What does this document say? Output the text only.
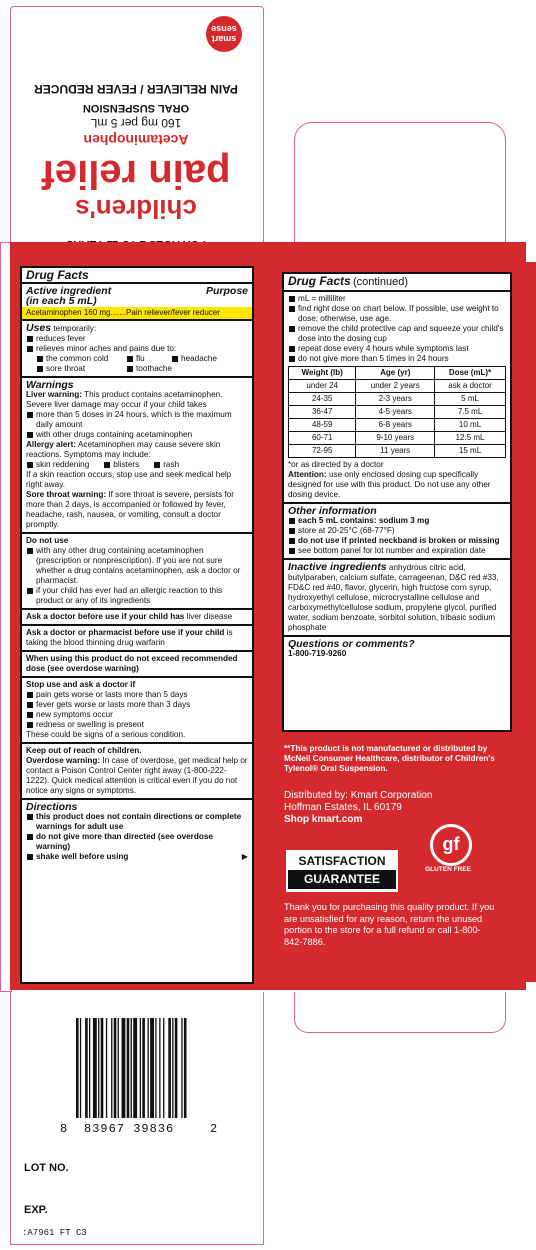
children's
pain relief
Acetaminophen
160 mg per 5 mL
ORAL SUSPENSION
PAIN RELIEVER / FEVER REDUCER
smart sense
Drug Facts
Active ingredient	Purpose
(in each 5 mL)
Acetaminophen 160 mg.......Pain reliever/fever reducer
Uses temporarily:
reduces fever
relieves minor aches and pains due to:
the common cold	flu	headache
sore throat	toothache
Warnings
Liver warning: This product contains acetaminophen. Severe liver damage may occur if your child takes
more than 5 doses in 24 hours, which is the maximum daily amount
with other drugs containing acetaminophen
Allergy alert: Acetaminophen may cause severe skin reactions. Symptoms may include:
skin reddening	blisters	rash
If a skin reaction occurs, stop use and seek medical help right away.
Sore throat warning: If sore throat is severe, persists for more than 2 days, is accompanied or followed by fever, headache, rash, nausea, or vomiting, consult a doctor promptly.
Do not use
with any other drug containing acetaminophen (prescription or nonprescription). If you are not sure whether a drug contains acetaminophen, ask a doctor or pharmacist.
if your child has ever had an allergic reaction to this product or any of its ingredients
Ask a doctor before use if your child has liver disease
Ask a doctor or pharmacist before use if your child is taking the blood thinning drug warfarin
When using this product do not exceed recommended dose (see overdose warning)
Stop use and ask a doctor if
pain gets worse or lasts more than 5 days
fever gets worse or lasts more than 3 days
new symptoms occur
redness or swelling is present
These could be signs of a serious condition.
Keep out of reach of children.
Overdose warning: In case of overdose, get medical help or contact a Poison Control Center right away (1-800-222-1222). Quick medical attention is critical even if you do not notice any signs or symptoms.
Directions
this product does not contain directions or complete warnings for adult use
do not give more than directed (see overdose warning)
shake well before using	▶
Drug Facts (continued)
mL = milliliter
find right dose on chart below. If possible, use weight to dose; otherwise, use age.
remove the child protective cap and squeeze your child's dose into the dosing cup
repeat dose every 4 hours while symptoms last
do not give more than 5 times in 24 hours
Weight (lb)	Age (yr)	Dose (mL)*
under 24	under 2 years	ask a doctor
24-35	2-3 years	5 mL
36-47	4-5 years	7.5 mL
48-59	6-8 years	10 mL
60-71	9-10 years	12.5 mL
72-95	11 years	15 mL
*or as directed by a doctor
Attention: use only enclosed dosing cup specifically designed for use with this product. Do not use any other dosing device.
Other information
each 5 mL contains: sodium 3 mg
store at 20-25°C (68-77°F)
do not use if printed neckband is broken or missing
see bottom panel for lot number and expiration date
Inactive ingredients anhydrous citric acid, butylparaben, calcium sulfate, carrageenan, D&C red #33, FD&C red #40, flavor, glycerin, high fructose corn syrup, hydroxyethyl cellulose, microcrystalline cellulose and carboxymethylcellulose sodium, propylene glycol, purified water, sodium benzoate, sorbitol solution, tribasic sodium phosphate
Questions or comments?
1-800-719-9260
**This product is not manufactured or distributed by McNeil Consumer Healthcare, distributor of Children's Tylenol® Oral Suspension.
Distributed by: Kmart Corporation
Hoffman Estates, IL 60179
Shop kmart.com
SATISFACTION
GUARANTEE
gf
GLUTEN FREE
Thank you for purchasing this quality product. If you are unsatisfied for any reason, return the unused portion to the store for a full refund or call 1-800-842-7886.
8 83967 39836	2
LOT NO.
EXP.
:A7961 FT C3
